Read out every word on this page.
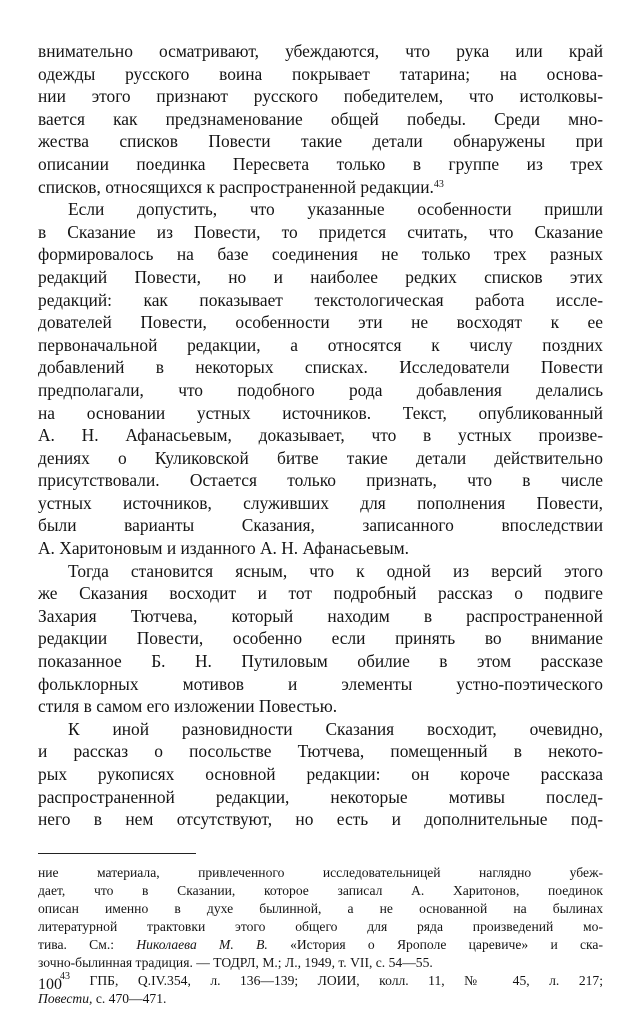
внимательно осматривают, убеждаются, что рука или край
одежды русского воина покрывает татарина; на основа-
нии этого признают русского победителем, что истолковы-
вается как предзнаменование общей победы. Среди мно-
жества списков Повести такие детали обнаружены при
описании поединка Пересвета только в группе из трех
списков, относящихся к распространенной редакции.$^{43}$
Если допустить, что указанные особенности пришли
в Сказание из Повести, то придется считать, что Сказание
формировалось на базе соединения не только трех разных
редакций Повести, но и наиболее редких списков этих
редакций: как показывает текстологическая работа иссле-
дователей Повести, особенности эти не восходят к ее
первоначальной редакции, а относятся к числу поздних
добавлений в некоторых списках. Исследователи Повести
предполагали, что подобного рода добавления делались
на основании устных источников. Текст, опубликованный
А. Н. Афанасьевым, доказывает, что в устных произве-
дениях о Куликовской битве такие детали действительно
присутствовали. Остается только признать, что в числе
устных источников, служивших для пополнения Повести,
были варианты Сказания, записанного впоследствии
А. Харитоновым и изданного А. Н. Афанасьевым.
Тогда становится ясным, что к одной из версий этого
же Сказания восходит и тот подробный рассказ о подвиге
Захария Тютчева, который находим в распространенной
редакции Повести, особенно если принять во внимание
показанное Б. Н. Путиловым обилие в этом рассказе
фольклорных мотивов и элементы устно-поэтического
стиля в самом его изложении Повестью.
К иной разновидности Сказания восходит, очевидно,
и рассказ о посольстве Тютчева, помещенный в некото-
рых рукописях основной редакции: он короче рассказа
распространенной редакции, некоторые мотивы послед-
него в нем отсутствуют, но есть и дополнительные под-
ние материала, привлеченного исследовательницей наглядно убеж-
дает, что в Сказании, которое записал А. Харитонов, поединок
описан именно в духе былинной, а не основанной на былинах
литературной трактовки этого общего для ряда произведений мо-
тива. См.: Николаева М. В. «История о Ярополе царевиче» и ска-
зочно-былинная традиция. — ТОДРЛ, М.; Л., 1949, т. VII, с. 54—55.
$^{43}$ ГПБ, Q.IV.354, л. 136—139; ЛОИИ, колл. 11, № 45, л. 217;
Повести, с. 470—471.
100
